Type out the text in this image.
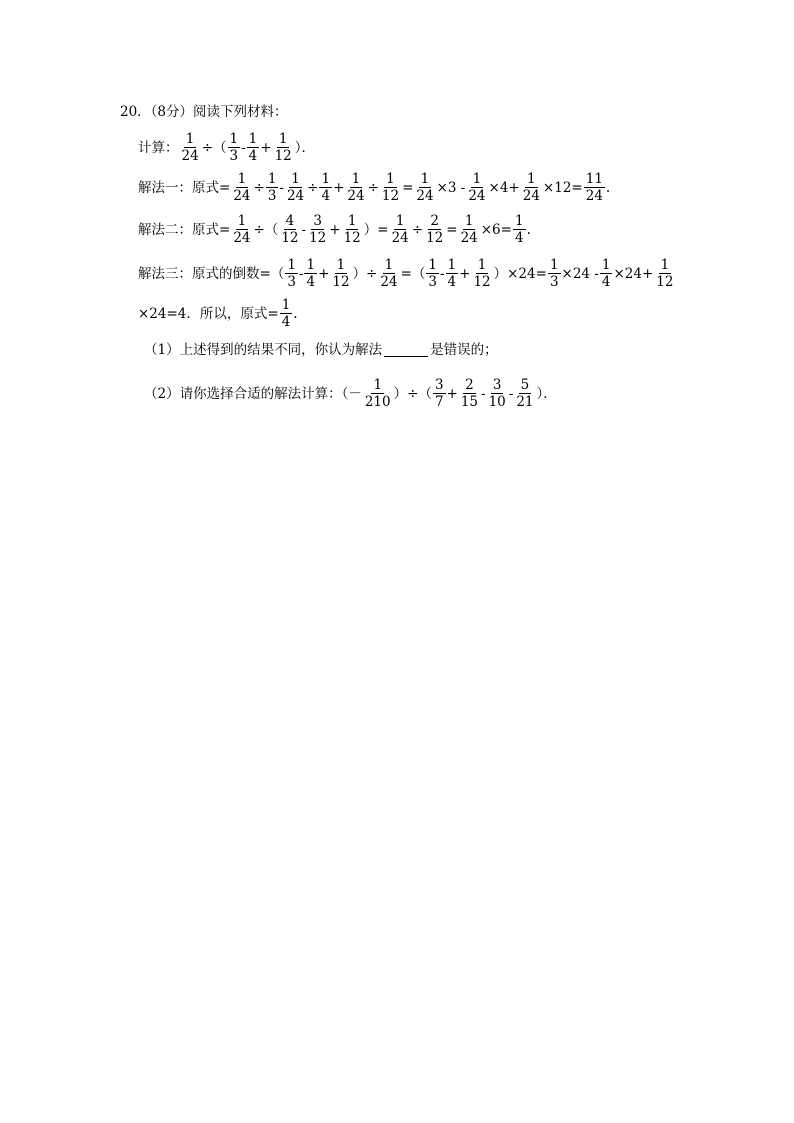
20．（8分）阅读下列材料：
计算： $\frac{1}{24}$ ÷（ $\frac{1}{3} - \frac{1}{4} + \frac{1}{12}$ ）．
解法一：原式= $\frac{1}{24} \div \frac{1}{3} - \frac{1}{24} \div \frac{1}{4} + \frac{1}{24} \div \frac{1}{12} = \frac{1}{24} \times 3 - \frac{1}{24} \times 4+ \frac{1}{24} \times 12= \frac{11}{24}$ .
解法二：原式= $\frac{1}{24}$ ÷（ $\frac{4}{12} - \frac{3}{12} + \frac{1}{12}$ ）= $\frac{1}{24} \div \frac{2}{12} = \frac{1}{24} \times 6= \frac{1}{4}$ .
解法三：原式的倒数=（ $\frac{1}{3} - \frac{1}{4} + \frac{1}{12}$ ）÷ $\frac{1}{24}$ =（ $\frac{1}{3} - \frac{1}{4} + \frac{1}{12} )\times 24= \frac{1}{3} \times 24 - \frac{1}{4} \times 24+ \frac{1}{12}$
×24=4．所以，原式= $\frac{1}{4}$ .
（1）上述得到的结果不同，你认为解法	是错误的；
（2）请你选择合适的解法计算：（－ $\frac{1}{210}$ ）÷（ $\frac{3}{7} + \frac{2}{15} - \frac{3}{10} - \frac{5}{21}$ ）．
